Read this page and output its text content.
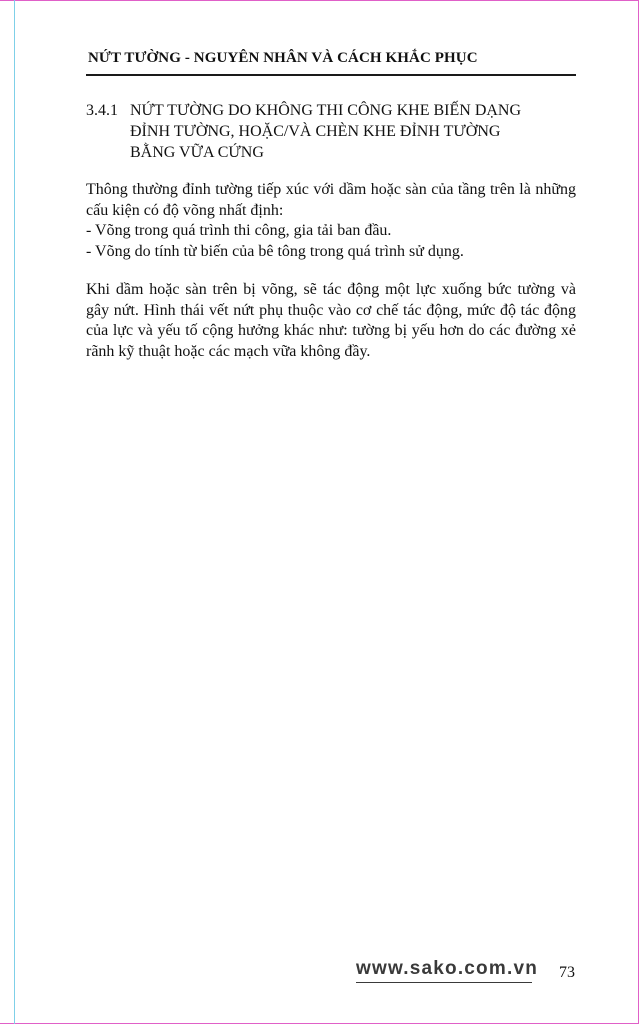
NỨT TƯỜNG - NGUYÊN NHÂN VÀ CÁCH KHẮC PHỤC
3.4.1 NỨT TƯỜNG DO KHÔNG THI CÔNG KHE BIẾN DẠNG
ĐỈNH TƯỜNG, HOẶC/VÀ CHÈN KHE ĐỈNH TƯỜNG
BẰNG VỮA CỨNG
Thông thường đỉnh tường tiếp xúc với dầm hoặc sàn của tầng trên là những
cấu kiện có độ võng nhất định:
- Võng trong quá trình thi công, gia tải ban đầu.
- Võng do tính từ biến của bê tông trong quá trình sử dụng.
Khi dầm hoặc sàn trên bị võng, sẽ tác động một lực xuống bức tường và
gây nứt. Hình thái vết nứt phụ thuộc vào cơ chế tác động, mức độ tác động
của lực và yếu tố cộng hưởng khác như: tường bị yếu hơn do các đường xẻ
rãnh kỹ thuật hoặc các mạch vữa không đầy.
www.sako.com.vn 73
